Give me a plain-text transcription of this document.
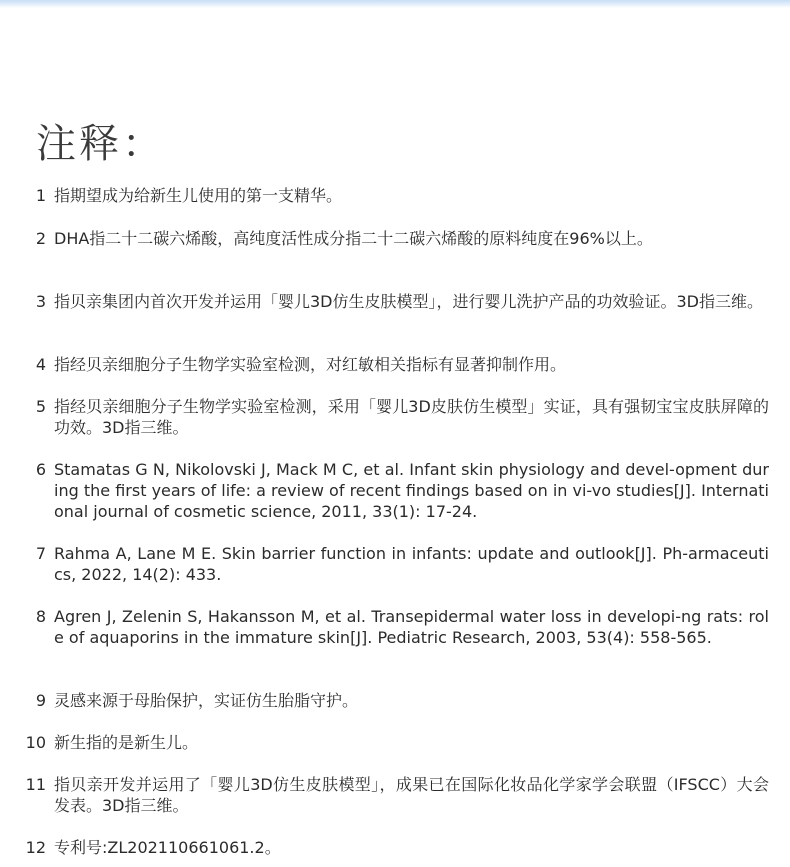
注释：
1 指期望成为给新生儿使用的第一支精华。
2 DHA指二十二碳六烯酸，高纯度活性成分指二十二碳六烯酸的原料纯度在96%以上。
3 指贝亲集团内首次开发并运用「婴儿3D仿生皮肤模型」，进行婴儿洗护产品的功效验证。3D指三维。
4 指经贝亲细胞分子生物学实验室检测，对红敏相关指标有显著抑制作用。
5 指经贝亲细胞分子生物学实验室检测，采用「婴儿3D皮肤仿生模型」实证，具有强韧宝宝皮肤屏障的功效。3D指三维。
6 Stamatas G N, Nikolovski J, Mack M C, et al. Infant skin physiology and devel-opment during the first years of life: a review of recent findings based on in vi-vo studies[J]. International journal of cosmetic science, 2011, 33(1): 17-24.
7 Rahma A, Lane M E. Skin barrier function in infants: update and outlook[J]. Ph-armaceutics, 2022, 14(2): 433.
8 Agren J, Zelenin S, Hakansson M, et al. Transepidermal water loss in developi-ng rats: role of aquaporins in the immature skin[J]. Pediatric Research, 2003, 53(4): 558-565.
9 灵感来源于母胎保护，实证仿生胎脂守护。
10 新生指的是新生儿。
11 指贝亲开发并运用了「婴儿3D仿生皮肤模型」，成果已在国际化妆品化学家学会联盟（IFSCC）大会发表。3D指三维。
12 专利号:ZL202110661061.2。
